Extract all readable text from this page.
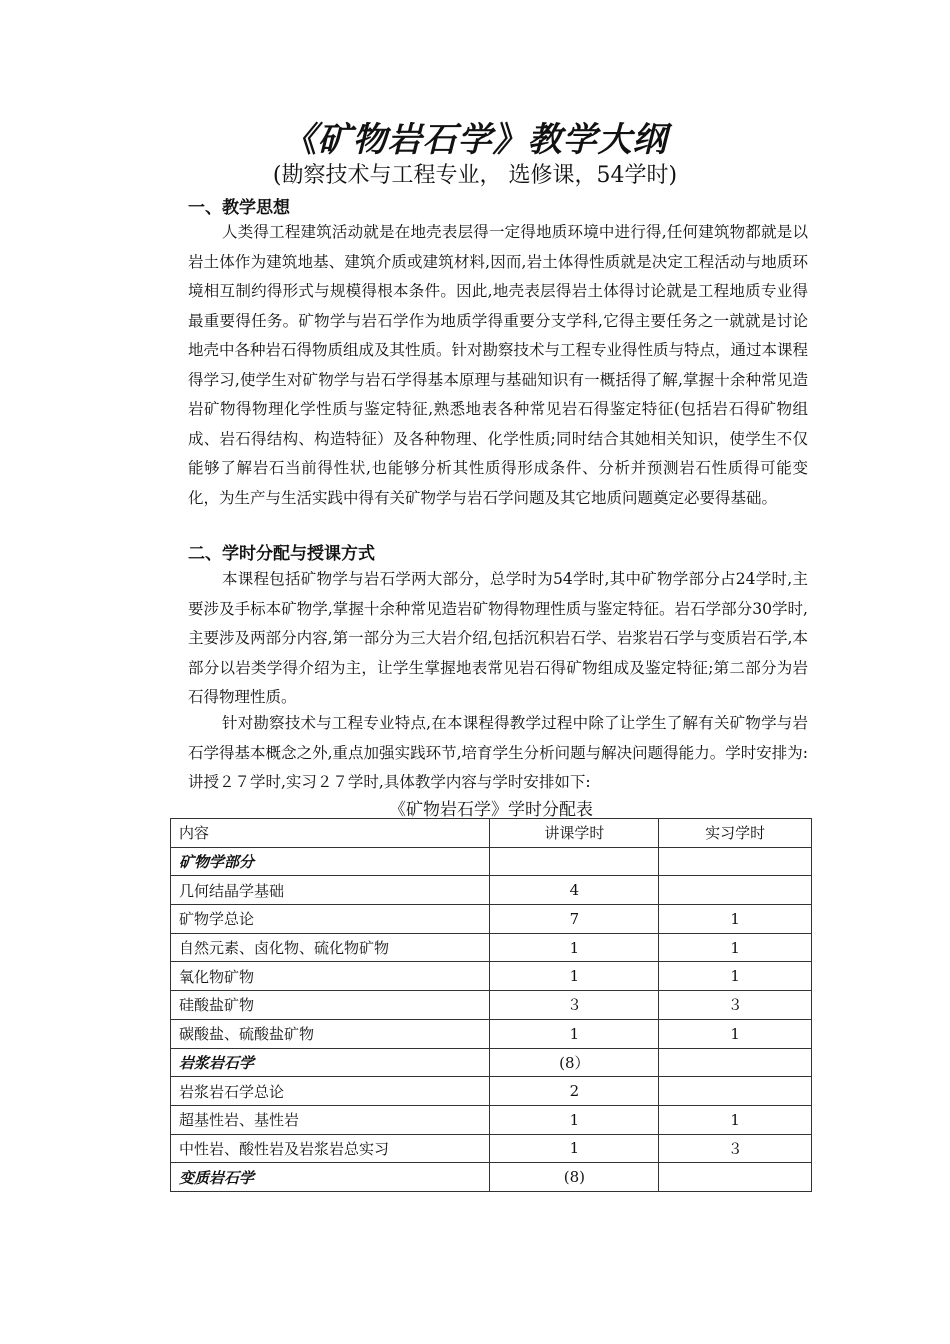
《矿物岩石学》教学大纲
(勘察技术与工程专业， 选修课，54学时)
一、教学思想

人类得工程建筑活动就是在地壳表层得一定得地质环境中进行得,任何建筑物都就是以岩土体作为建筑地基、建筑介质或建筑材料,因而,岩土体得性质就是决定工程活动与地质环境相互制约得形式与规模得根本条件。因此,地壳表层得岩土体得讨论就是工程地质专业得最重要得任务。矿物学与岩石学作为地质学得重要分支学科,它得主要任务之一就就是讨论地壳中各种岩石得物质组成及其性质。针对勘察技术与工程专业得性质与特点，通过本课程得学习,使学生对矿物学与岩石学得基本原理与基础知识有一概括得了解,掌握十余种常见造岩矿物得物理化学性质与鉴定特征,熟悉地表各种常见岩石得鉴定特征(包括岩石得矿物组成、岩石得结构、构造特征）及各种物理、化学性质;同时结合其她相关知识，使学生不仅能够了解岩石当前得性状,也能够分析其性质得形成条件、分析并预测岩石性质得可能变化，为生产与生活实践中得有关矿物学与岩石学问题及其它地质问题奠定必要得基础。

二、学时分配与授课方式

本课程包括矿物学与岩石学两大部分，总学时为54学时,其中矿物学部分占24学时,主要涉及手标本矿物学,掌握十余种常见造岩矿物得物理性质与鉴定特征。岩石学部分30学时,主要涉及两部分内容,第一部分为三大岩介绍,包括沉积岩石学、岩浆岩石学与变质岩石学,本部分以岩类学得介绍为主，让学生掌握地表常见岩石得矿物组成及鉴定特征;第二部分为岩石得物理性质。

针对勘察技术与工程专业特点,在本课程得教学过程中除了让学生了解有关矿物学与岩石学得基本概念之外,重点加强实践环节,培育学生分析问题与解决问题得能力。学时安排为:讲授２７学时,实习２７学时,具体教学内容与学时安排如下:

《矿物岩石学》学时分配表
内容	讲课学时	实习学时
矿物学部分		
几何结晶学基础	4	
矿物学总论	7	1
自然元素、卤化物、硫化物矿物	1	1
氧化物矿物	1	1
硅酸盐矿物	３	３
碳酸盐、硫酸盐矿物	1	1
岩浆岩石学	(8）	
岩浆岩石学总论	2	
超基性岩、基性岩	1	1
中性岩、酸性岩及岩浆岩总实习	1	３
变质岩石学	(8)	
